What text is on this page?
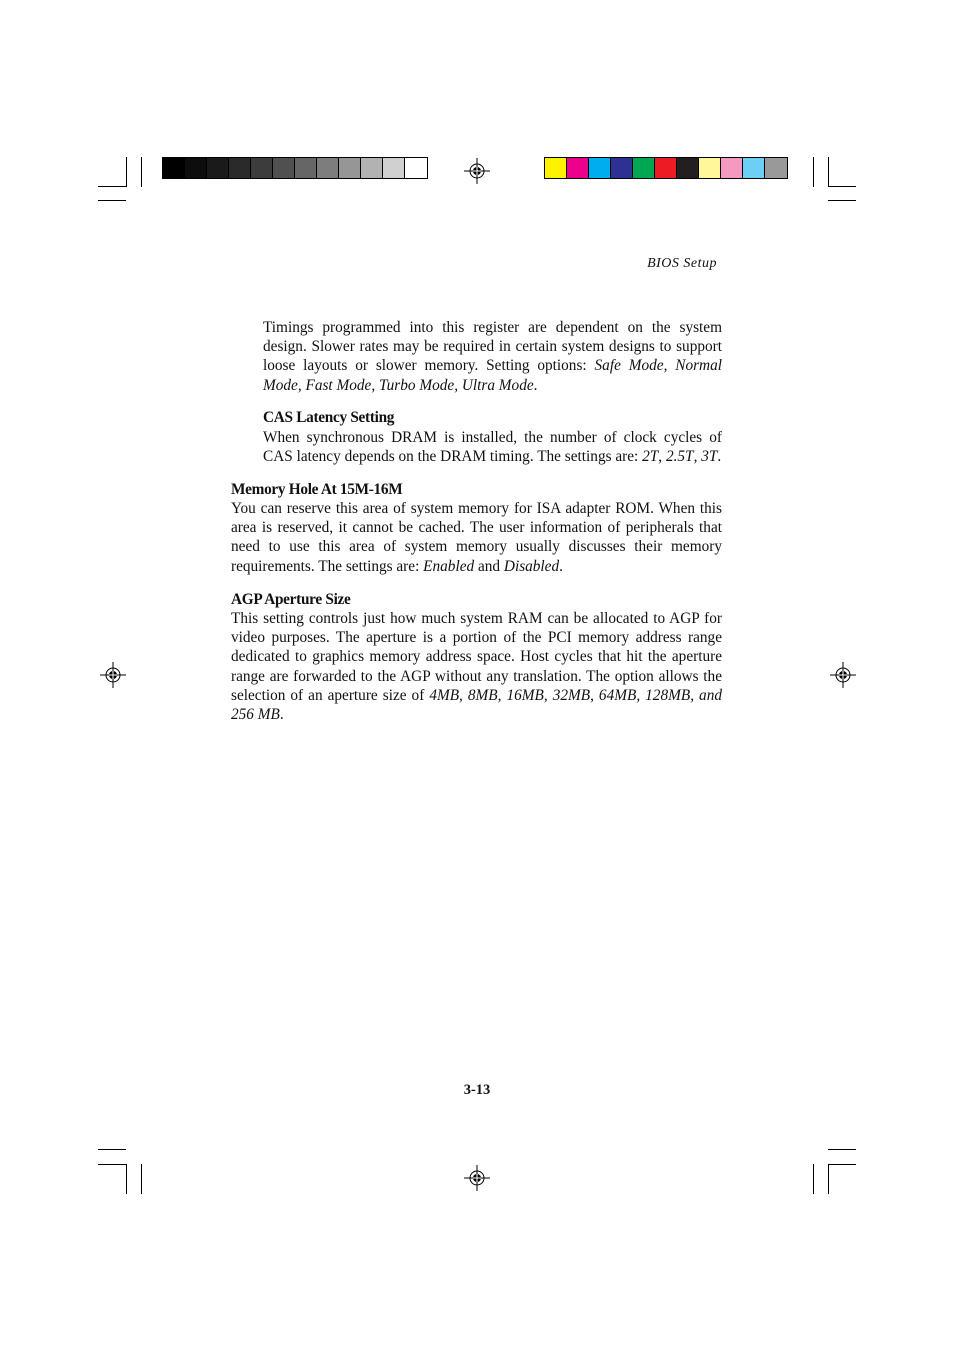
BIOS Setup

Timings programmed into this register are dependent on the system design. Slower rates may be required in certain system designs to support loose layouts or slower memory. Setting options: Safe Mode, Normal Mode, Fast Mode, Turbo Mode, Ultra Mode.

CAS Latency Setting

When synchronous DRAM is installed, the number of clock cycles of CAS latency depends on the DRAM timing. The settings are: 2T, 2.5T, 3T.

Memory Hole At 15M-16M

You can reserve this area of system memory for ISA adapter ROM. When this area is reserved, it cannot be cached. The user information of peripherals that need to use this area of system memory usually discusses their memory requirements. The settings are: Enabled and Disabled.

AGP Aperture Size

This setting controls just how much system RAM can be allocated to AGP for video purposes. The aperture is a portion of the PCI memory address range dedicated to graphics memory address space. Host cycles that hit the aperture range are forwarded to the AGP without any translation. The option allows the selection of an aperture size of 4MB, 8MB, 16MB, 32MB, 64MB, 128MB, and 256 MB.

3-13
